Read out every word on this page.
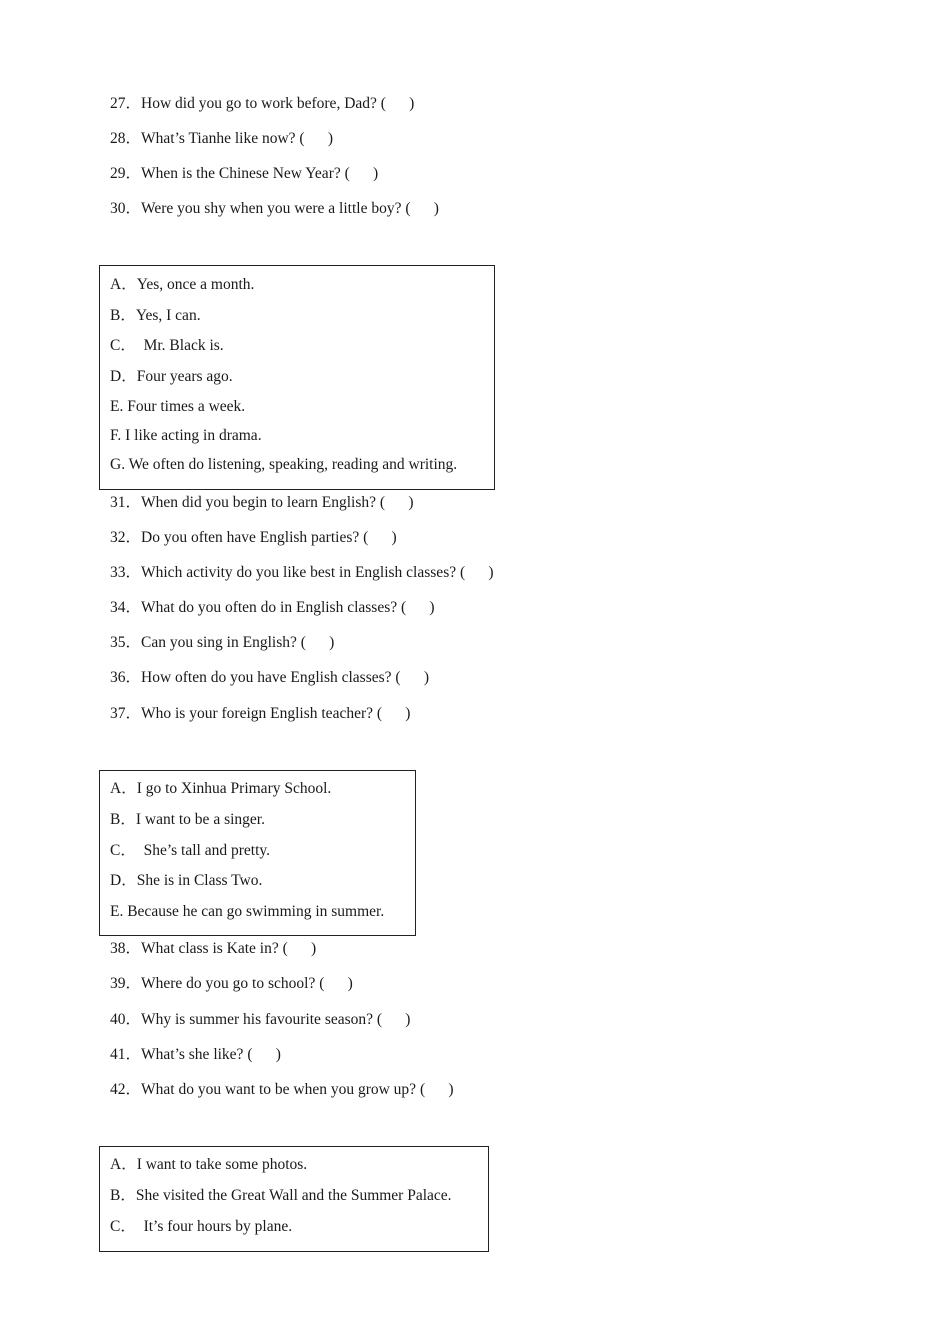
27．How did you go to work before, Dad? (      )
28．What’s Tianhe like now? (      )
29．When is the Chinese New Year? (      )
30．Were you shy when you were a little boy? (      )
A．Yes, once a month.
B．Yes, I can.
C．  Mr. Black is.
D．Four years ago.
E. Four times a week.
F. I like acting in drama.
G. We often do listening, speaking, reading and writing.
31．When did you begin to learn English? (      )
32．Do you often have English parties? (      )
33．Which activity do you like best in English classes? (      )
34．What do you often do in English classes? (      )
35．Can you sing in English? (      )
36．How often do you have English classes? (      )
37．Who is your foreign English teacher? (      )
A．I go to Xinhua Primary School.
B．I want to be a singer.
C．  She’s tall and pretty.
D．She is in Class Two.
E. Because he can go swimming in summer.
38．What class is Kate in? (      )
39．Where do you go to school? (      )
40．Why is summer his favourite season? (      )
41．What’s she like? (      )
42．What do you want to be when you grow up? (      )
A．I want to take some photos.
B．She visited the Great Wall and the Summer Palace.
C．  It’s four hours by plane.
